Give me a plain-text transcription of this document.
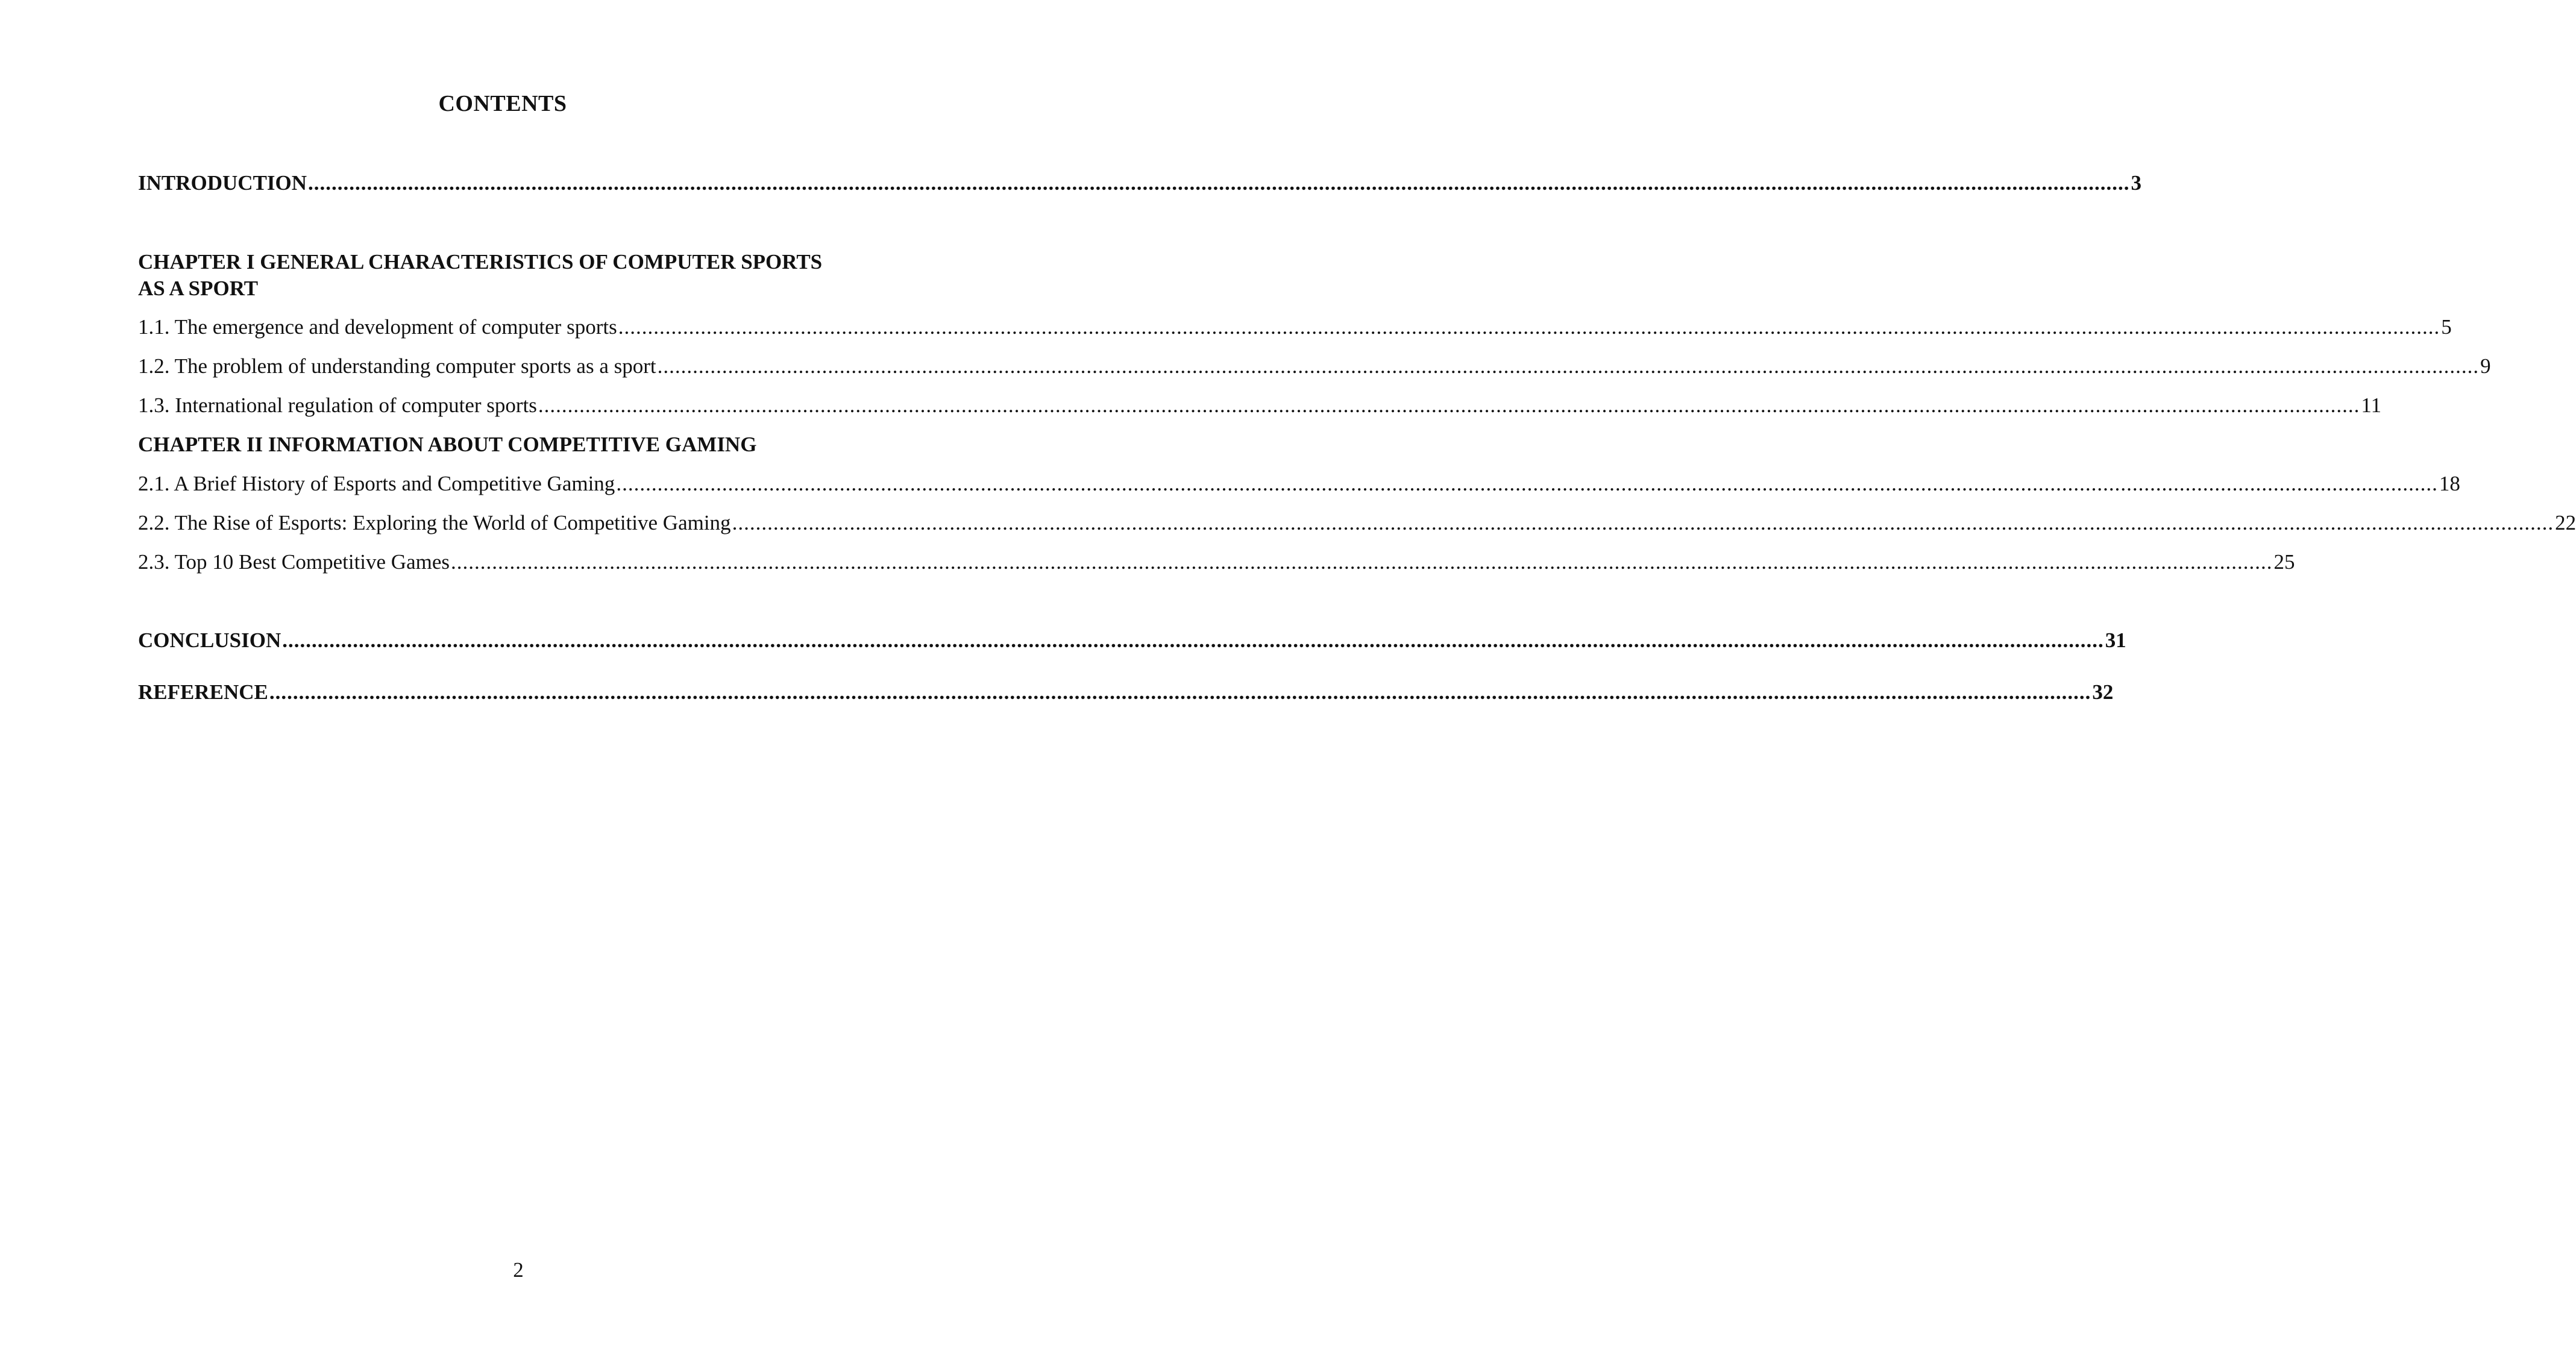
CONTENTS
INTRODUCTION ...................................................................................................................................................................................................................................................................................................................... 3
CHAPTER I GENERAL CHARACTERISTICS OF COMPUTER SPORTS
AS A SPORT
1.1. The emergence and development of computer sports ...................................................................................................................................................................................................................................................................................................................... 5
1.2. The problem of understanding computer sports as a sport ...................................................................................................................................................................................................................................................................................................................... 9
1.3. International regulation of computer sports ...................................................................................................................................................................................................................................................................................................................... 11
CHAPTER II INFORMATION ABOUT COMPETITIVE GAMING
2.1. A Brief History of Esports and Competitive Gaming ...................................................................................................................................................................................................................................................................................................................... 18
2.2. The Rise of Esports: Exploring the World of Competitive Gaming ...................................................................................................................................................................................................................................................................................................................... 22
2.3. Top 10 Best Competitive Games ...................................................................................................................................................................................................................................................................................................................... 25
CONCLUSION ...................................................................................................................................................................................................................................................................................................................... 31
REFERENCE ...................................................................................................................................................................................................................................................................................................................... 32
2
